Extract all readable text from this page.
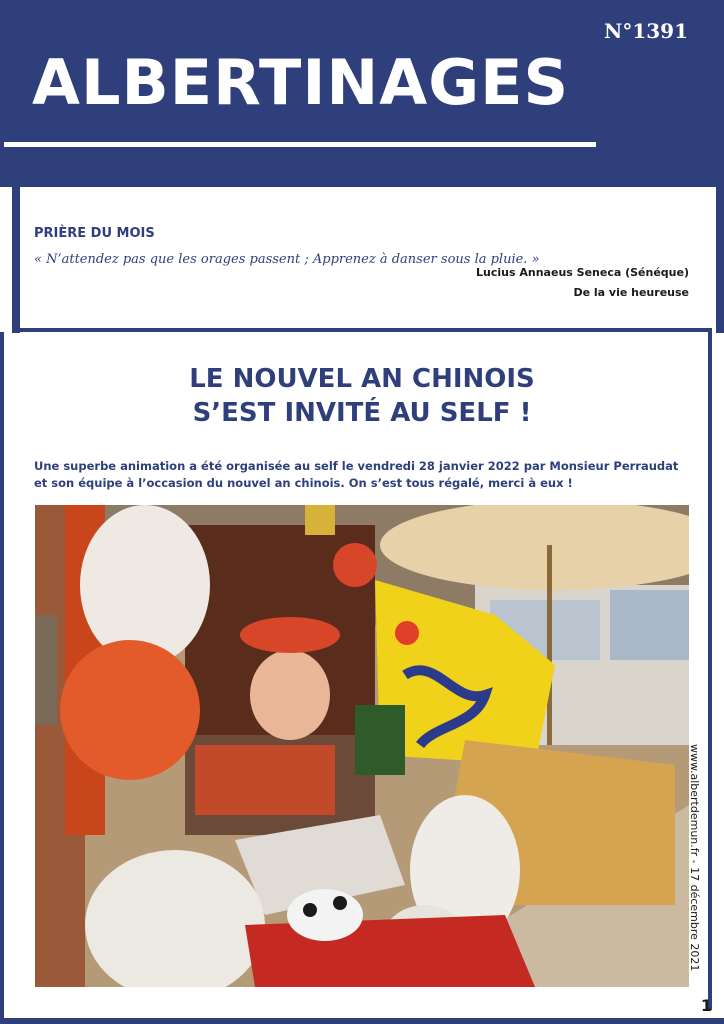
N°1391
ALBERTINAGES
PRIÈRE DU MOIS
« N’attendez pas que les orages passent ; Apprenez à danser sous la pluie. »
Lucius Annaeus Seneca (Sénéque)
De la vie heureuse
LE NOUVEL AN CHINOIS
S’EST INVITÉ AU SELF !
Une superbe animation a été organisée au self le vendredi 28 janvier 2022 par Monsieur Perraudat et son équipe à l’occasion du nouvel an chinois. On s’est tous régalé, merci à eux !
www.albertdemun.fr - 17 décembre 2021
1
